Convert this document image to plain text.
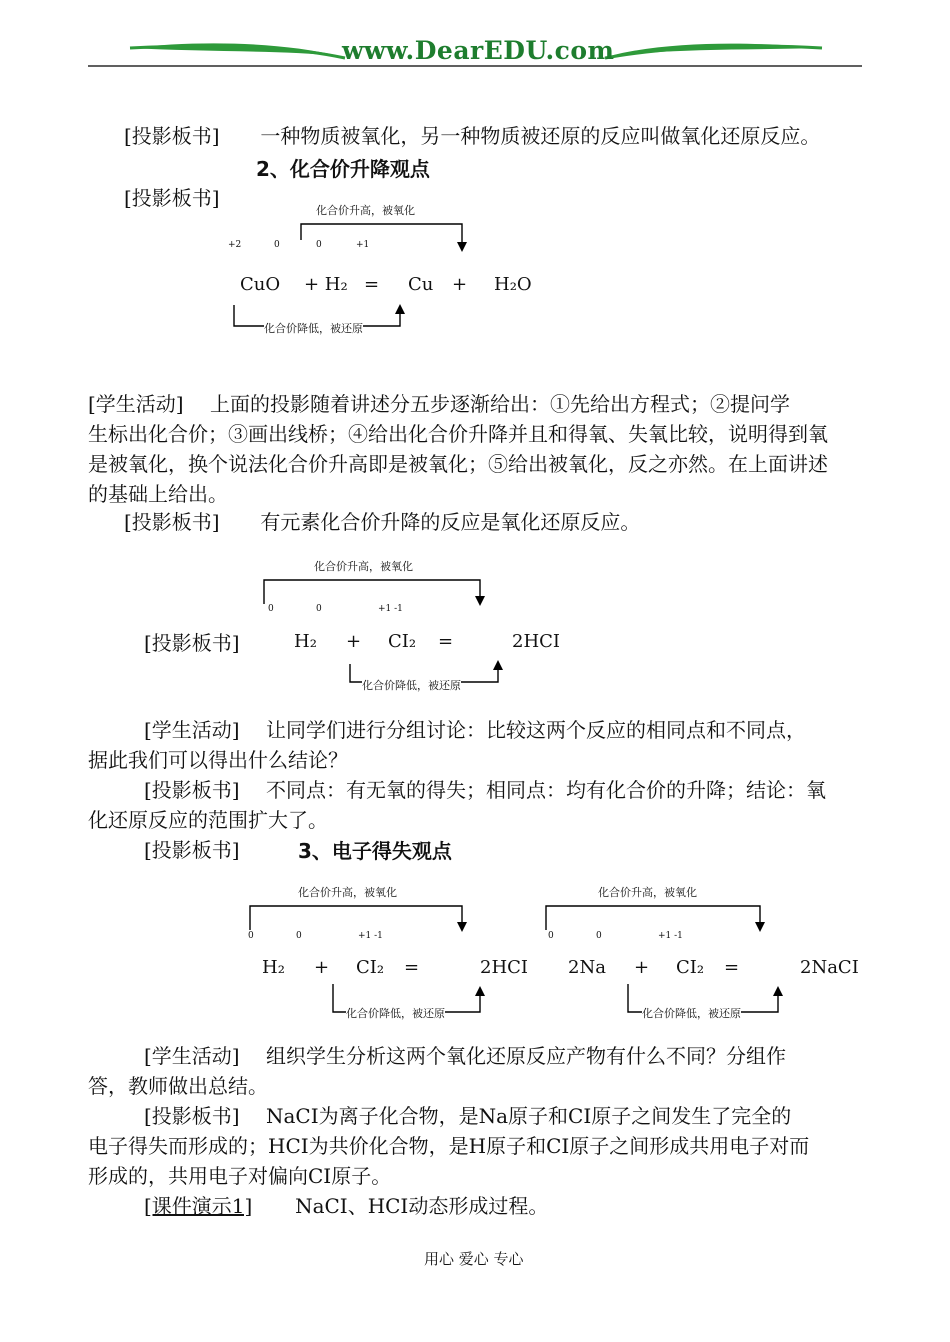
www.DearEDU.com
[投影板书] 一种物质被氧化，另一种物质被还原的反应叫做氧化还原反应。
2、化合价升降观点
[投影板书]
化合价升高，被氧化
化合价降低，被还原
+2	0	0	+1
CuO + H₂ = Cu + H₂O
[学生活动]　 上面的投影随着讲述分五步逐渐给出：①先给出方程式；②提问学
生标出化合价；③画出线桥；④给出化合价升降并且和得氧、失氧比较，说明得到氧
是被氧化，换个说法化合价升高即是被氧化；⑤给出被氧化，反之亦然。在上面讲述
的基础上给出。
[投影板书] 有元素化合价升降的反应是氧化还原反应。
化合价升高，被氧化
化合价降低，被还原
0	0	+1 -1
[投影板书]	H₂ + CI₂ =	2HCI
[学生活动]　 让同学们进行分组讨论：比较这两个反应的相同点和不同点，
据此我们可以得出什么结论？
[投影板书]　 不同点：有无氧的得失；相同点：均有化合价的升降；结论：氧
化还原反应的范围扩大了。
[投影板书]	3、电子得失观点
化合价升高，被氧化
化合价降低，被还原
0	0	+1 -1
H₂ + CI₂ =	2HCI
化合价升高，被氧化
化合价降低，被还原
0	0	+1 -1
2Na + CI₂ =	2NaCI
[学生活动]　 组织学生分析这两个氧化还原反应产物有什么不同？分组作
答，教师做出总结。
[投影板书]　 NaCI为离子化合物，是Na原子和CI原子之间发生了完全的
电子得失而形成的；HCI为共价化合物，是H原子和CI原子之间形成共用电子对而
形成的，共用电子对偏向CI原子。
[课件演示1] NaCI、HCI动态形成过程。
用心 爱心 专心
